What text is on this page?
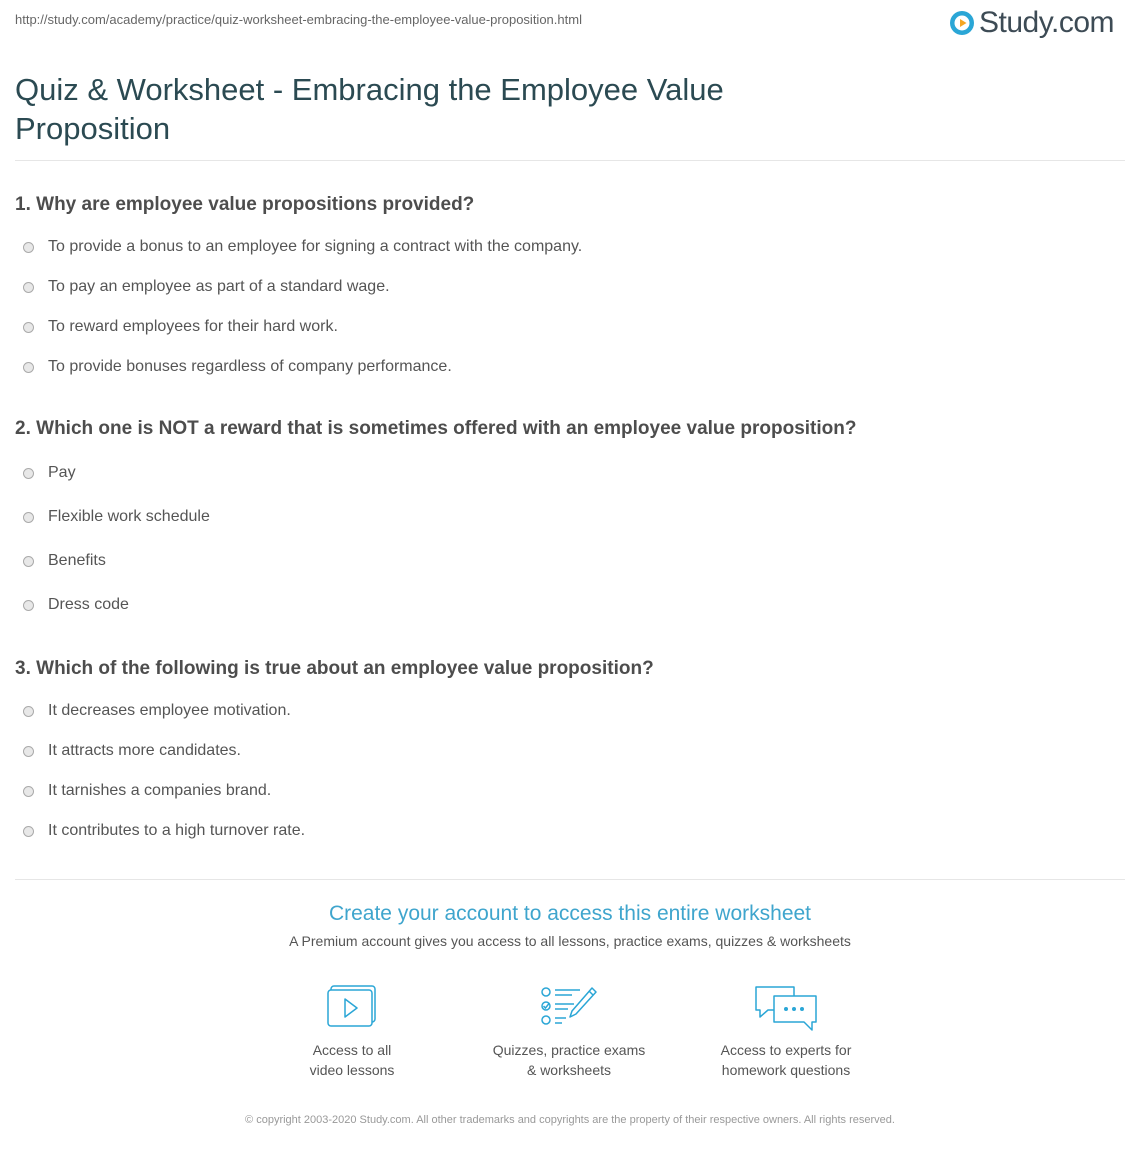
http://study.com/academy/practice/quiz-worksheet-embracing-the-employee-value-proposition.html	Study.com
Quiz & Worksheet - Embracing the Employee Value Proposition
1. Why are employee value propositions provided?
To provide a bonus to an employee for signing a contract with the company.
To pay an employee as part of a standard wage.
To reward employees for their hard work.
To provide bonuses regardless of company performance.
2. Which one is NOT a reward that is sometimes offered with an employee value proposition?
Pay
Flexible work schedule
Benefits
Dress code
3. Which of the following is true about an employee value proposition?
It decreases employee motivation.
It attracts more candidates.
It tarnishes a companies brand.
It contributes to a high turnover rate.
Create your account to access this entire worksheet
A Premium account gives you access to all lessons, practice exams, quizzes & worksheets
Access to all
video lessons
Quizzes, practice exams
& worksheets
Access to experts for
homework questions
© copyright 2003-2020 Study.com. All other trademarks and copyrights are the property of their respective owners. All rights reserved.
